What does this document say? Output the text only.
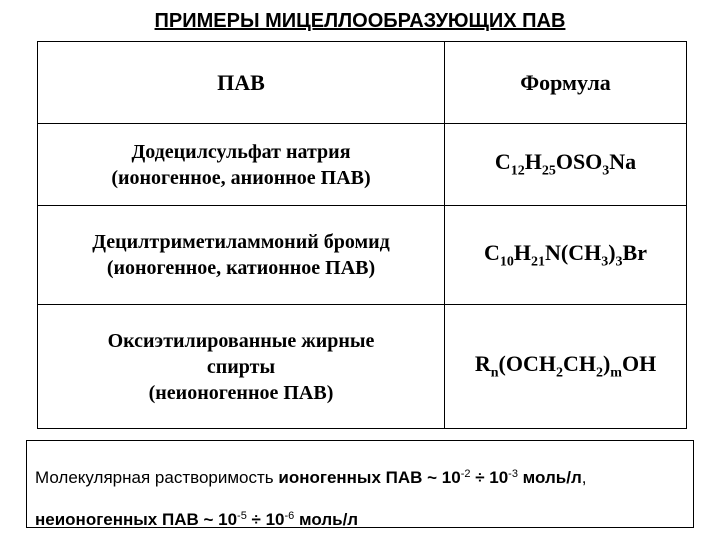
ПРИМЕРЫ МИЦЕЛЛООБРАЗУЮЩИХ ПАВ
ПАВ	Формула

Додецилсульфат натрия
(ионогенное, анионное ПАВ)	$C_{12}H_{25}OSO_3Na$

Децилтриметиламмоний бромид
(ионогенное, катионное ПАВ)	$C_{10}H_{21}N(CH_3)_3Br$

Оксиэтилированные жирные
спирты
(неионогенное ПАВ)	$R_n(OCH_2CH_2)_mOH$
Молекулярная растворимость ионогенных ПАВ ~ $10^{-2} \div 10^{-3}$ моль/л,
неионогенных ПАВ ~ $10^{-5} \div 10^{-6}$ моль/л
